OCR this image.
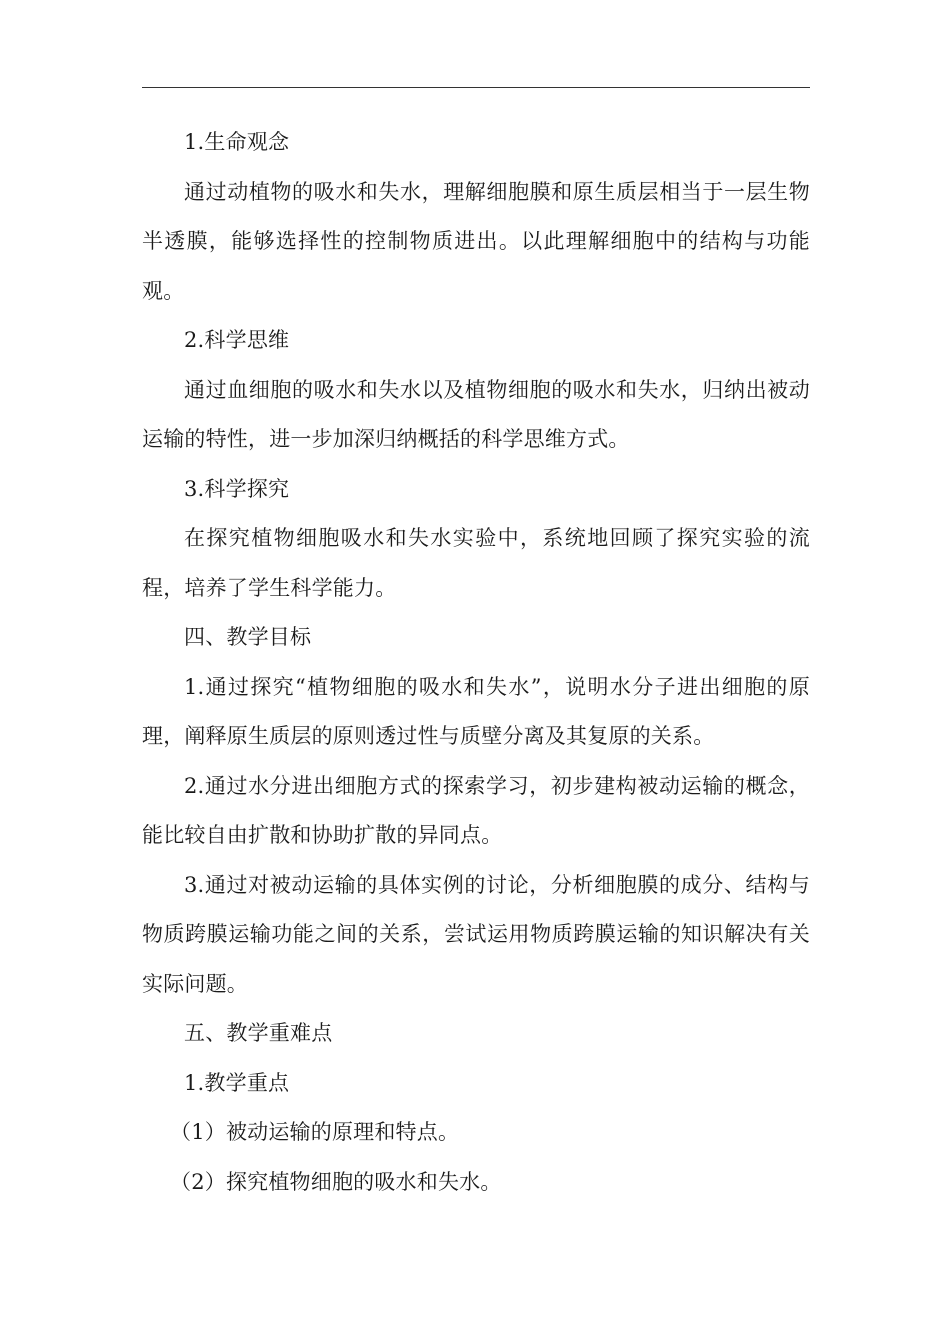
1.生命观念

通过动植物的吸水和失水，理解细胞膜和原生质层相当于一层生物半透膜，能够选择性的控制物质进出。以此理解细胞中的结构与功能观。

2.科学思维

通过血细胞的吸水和失水以及植物细胞的吸水和失水，归纳出被动运输的特性，进一步加深归纳概括的科学思维方式。

3.科学探究

在探究植物细胞吸水和失水实验中，系统地回顾了探究实验的流程，培养了学生科学能力。

四、教学目标

1.通过探究“植物细胞的吸水和失水”，说明水分子进出细胞的原理，阐释原生质层的原则透过性与质壁分离及其复原的关系。

2.通过水分进出细胞方式的探索学习，初步建构被动运输的概念，能比较自由扩散和协助扩散的异同点。

3.通过对被动运输的具体实例的讨论，分析细胞膜的成分、结构与物质跨膜运输功能之间的关系，尝试运用物质跨膜运输的知识解决有关实际问题。

五、教学重难点

1.教学重点

（1）被动运输的原理和特点。

（2）探究植物细胞的吸水和失水。
